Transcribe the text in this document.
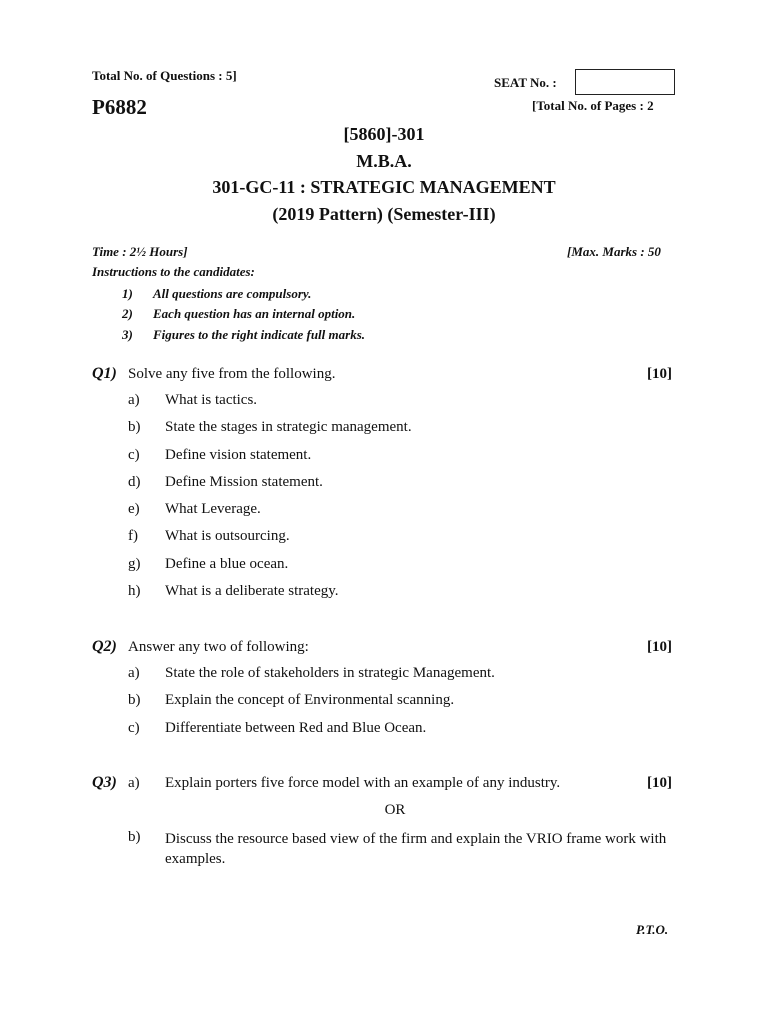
Total No. of Questions : 5]	SEAT No. :
P6882	[Total No. of Pages : 2
[5860]-301
M.B.A.
301-GC-11 : STRATEGIC MANAGEMENT
(2019 Pattern) (Semester-III)
Time : 2½ Hours]	[Max. Marks : 50
Instructions to the candidates:
1) All questions are compulsory.
2) Each question has an internal option.
3) Figures to the right indicate full marks.
Q1) Solve any five from the following.	[10]
a) What is tactics.
b) State the stages in strategic management.
c) Define vision statement.
d) Define Mission statement.
e) What Leverage.
f) What is outsourcing.
g) Define a blue ocean.
h) What is a deliberate strategy.
Q2) Answer any two of following:	[10]
a) State the role of stakeholders in strategic Management.
b) Explain the concept of Environmental scanning.
c) Differentiate between Red and Blue Ocean.
Q3) a) Explain porters five force model with an example of any industry.	[10]
OR
b) Discuss the resource based view of the firm and explain the VRIO frame work with examples.
P.T.O.
